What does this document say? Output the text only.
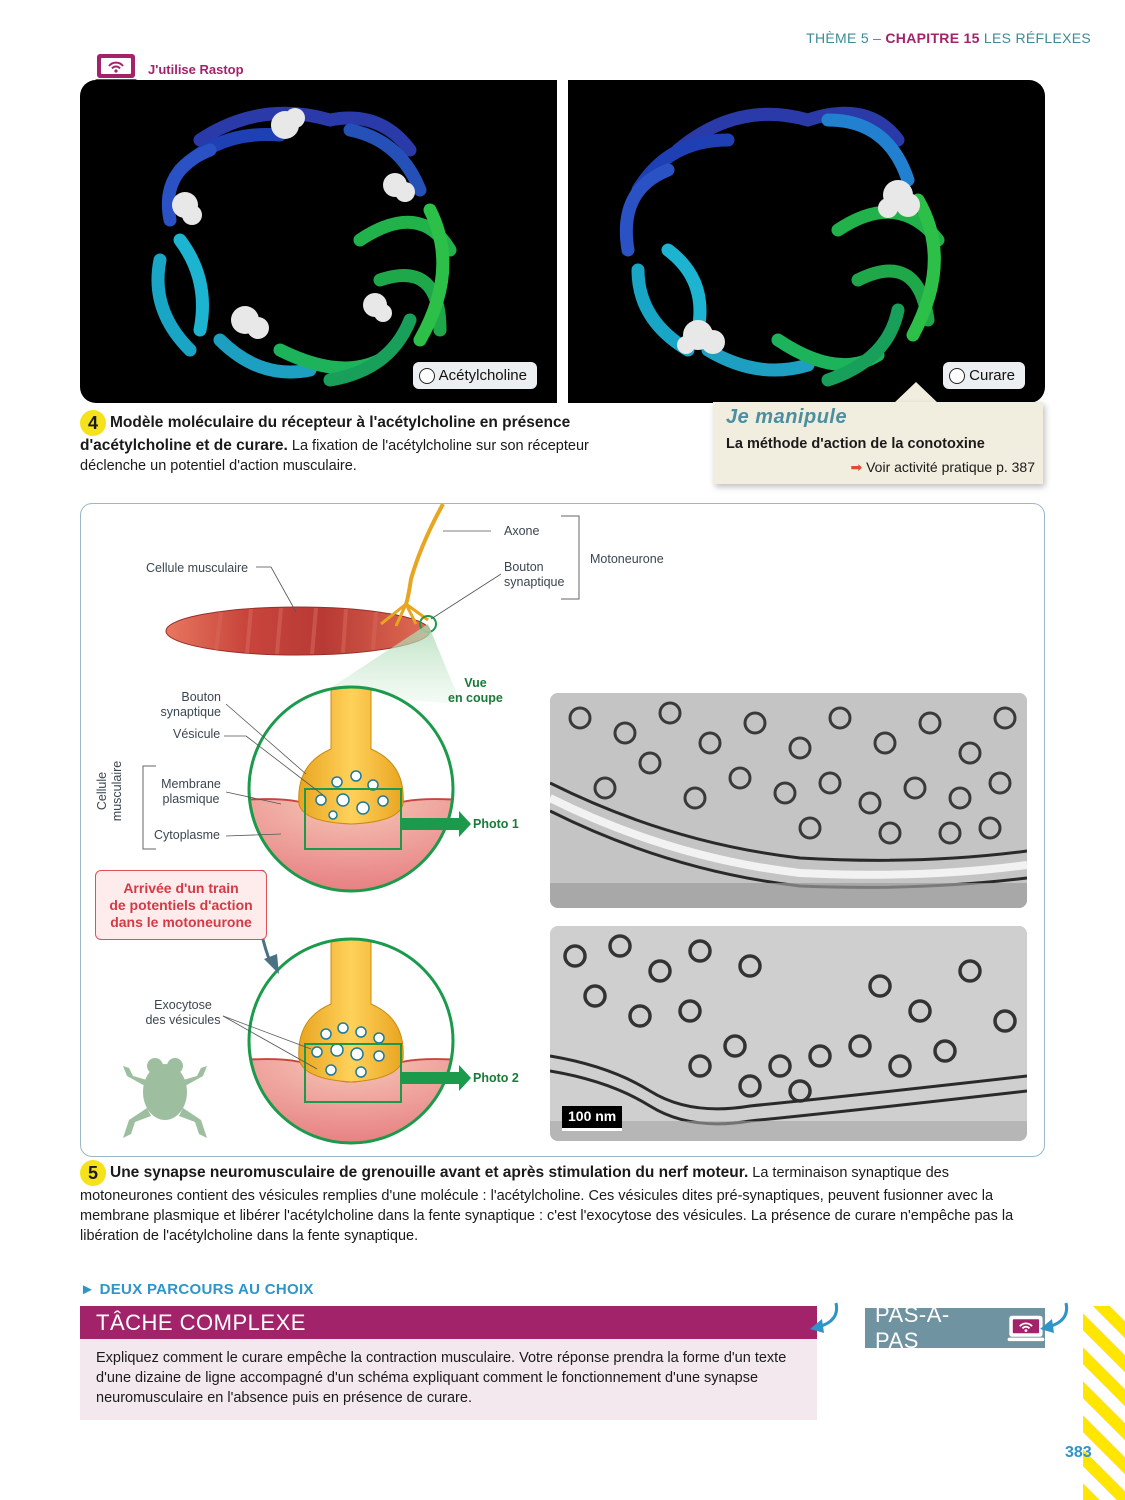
THÈME 5 – CHAPITRE 15 LES RÉFLEXES
J'utilise Rastop
Acétylcholine	Curare
4 Modèle moléculaire du récepteur à l'acétylcholine en présence d'acétylcholine et de curare. La fixation de l'acétylcholine sur son récepteur déclenche un potentiel d'action musculaire.
Je manipule
La méthode d'action de la conotoxine
➡ Voir activité pratique p. 387
Axone
Bouton
synaptique
Motoneurone
Cellule musculaire
Vue
en coupe
Bouton
synaptique
Vésicule
Membrane
plasmique
Cytoplasme
Cellule musculaire
Photo 1
Photo 2
Arrivée d'un train
de potentiels d'action
dans le motoneurone
Exocytose
des vésicules
100 nm
5 Une synapse neuromusculaire de grenouille avant et après stimulation du nerf moteur. La terminaison synaptique des motoneurones contient des vésicules remplies d'une molécule : l'acétylcholine. Ces vésicules dites pré-synaptiques, peuvent fusionner avec la membrane plasmique et libérer l'acétylcholine dans la fente synaptique : c'est l'exocytose des vésicules. La présence de curare n'empêche pas la libération de l'acétylcholine dans la fente synaptique.
► DEUX PARCOURS AU CHOIX
TÂCHE COMPLEXE
Expliquez comment le curare empêche la contraction musculaire. Votre réponse prendra la forme d'un texte d'une dizaine de ligne accompagné d'un schéma expliquant comment le fonctionnement d'une synapse neuromusculaire en l'absence puis en présence de curare.
PAS-À-PAS
383
